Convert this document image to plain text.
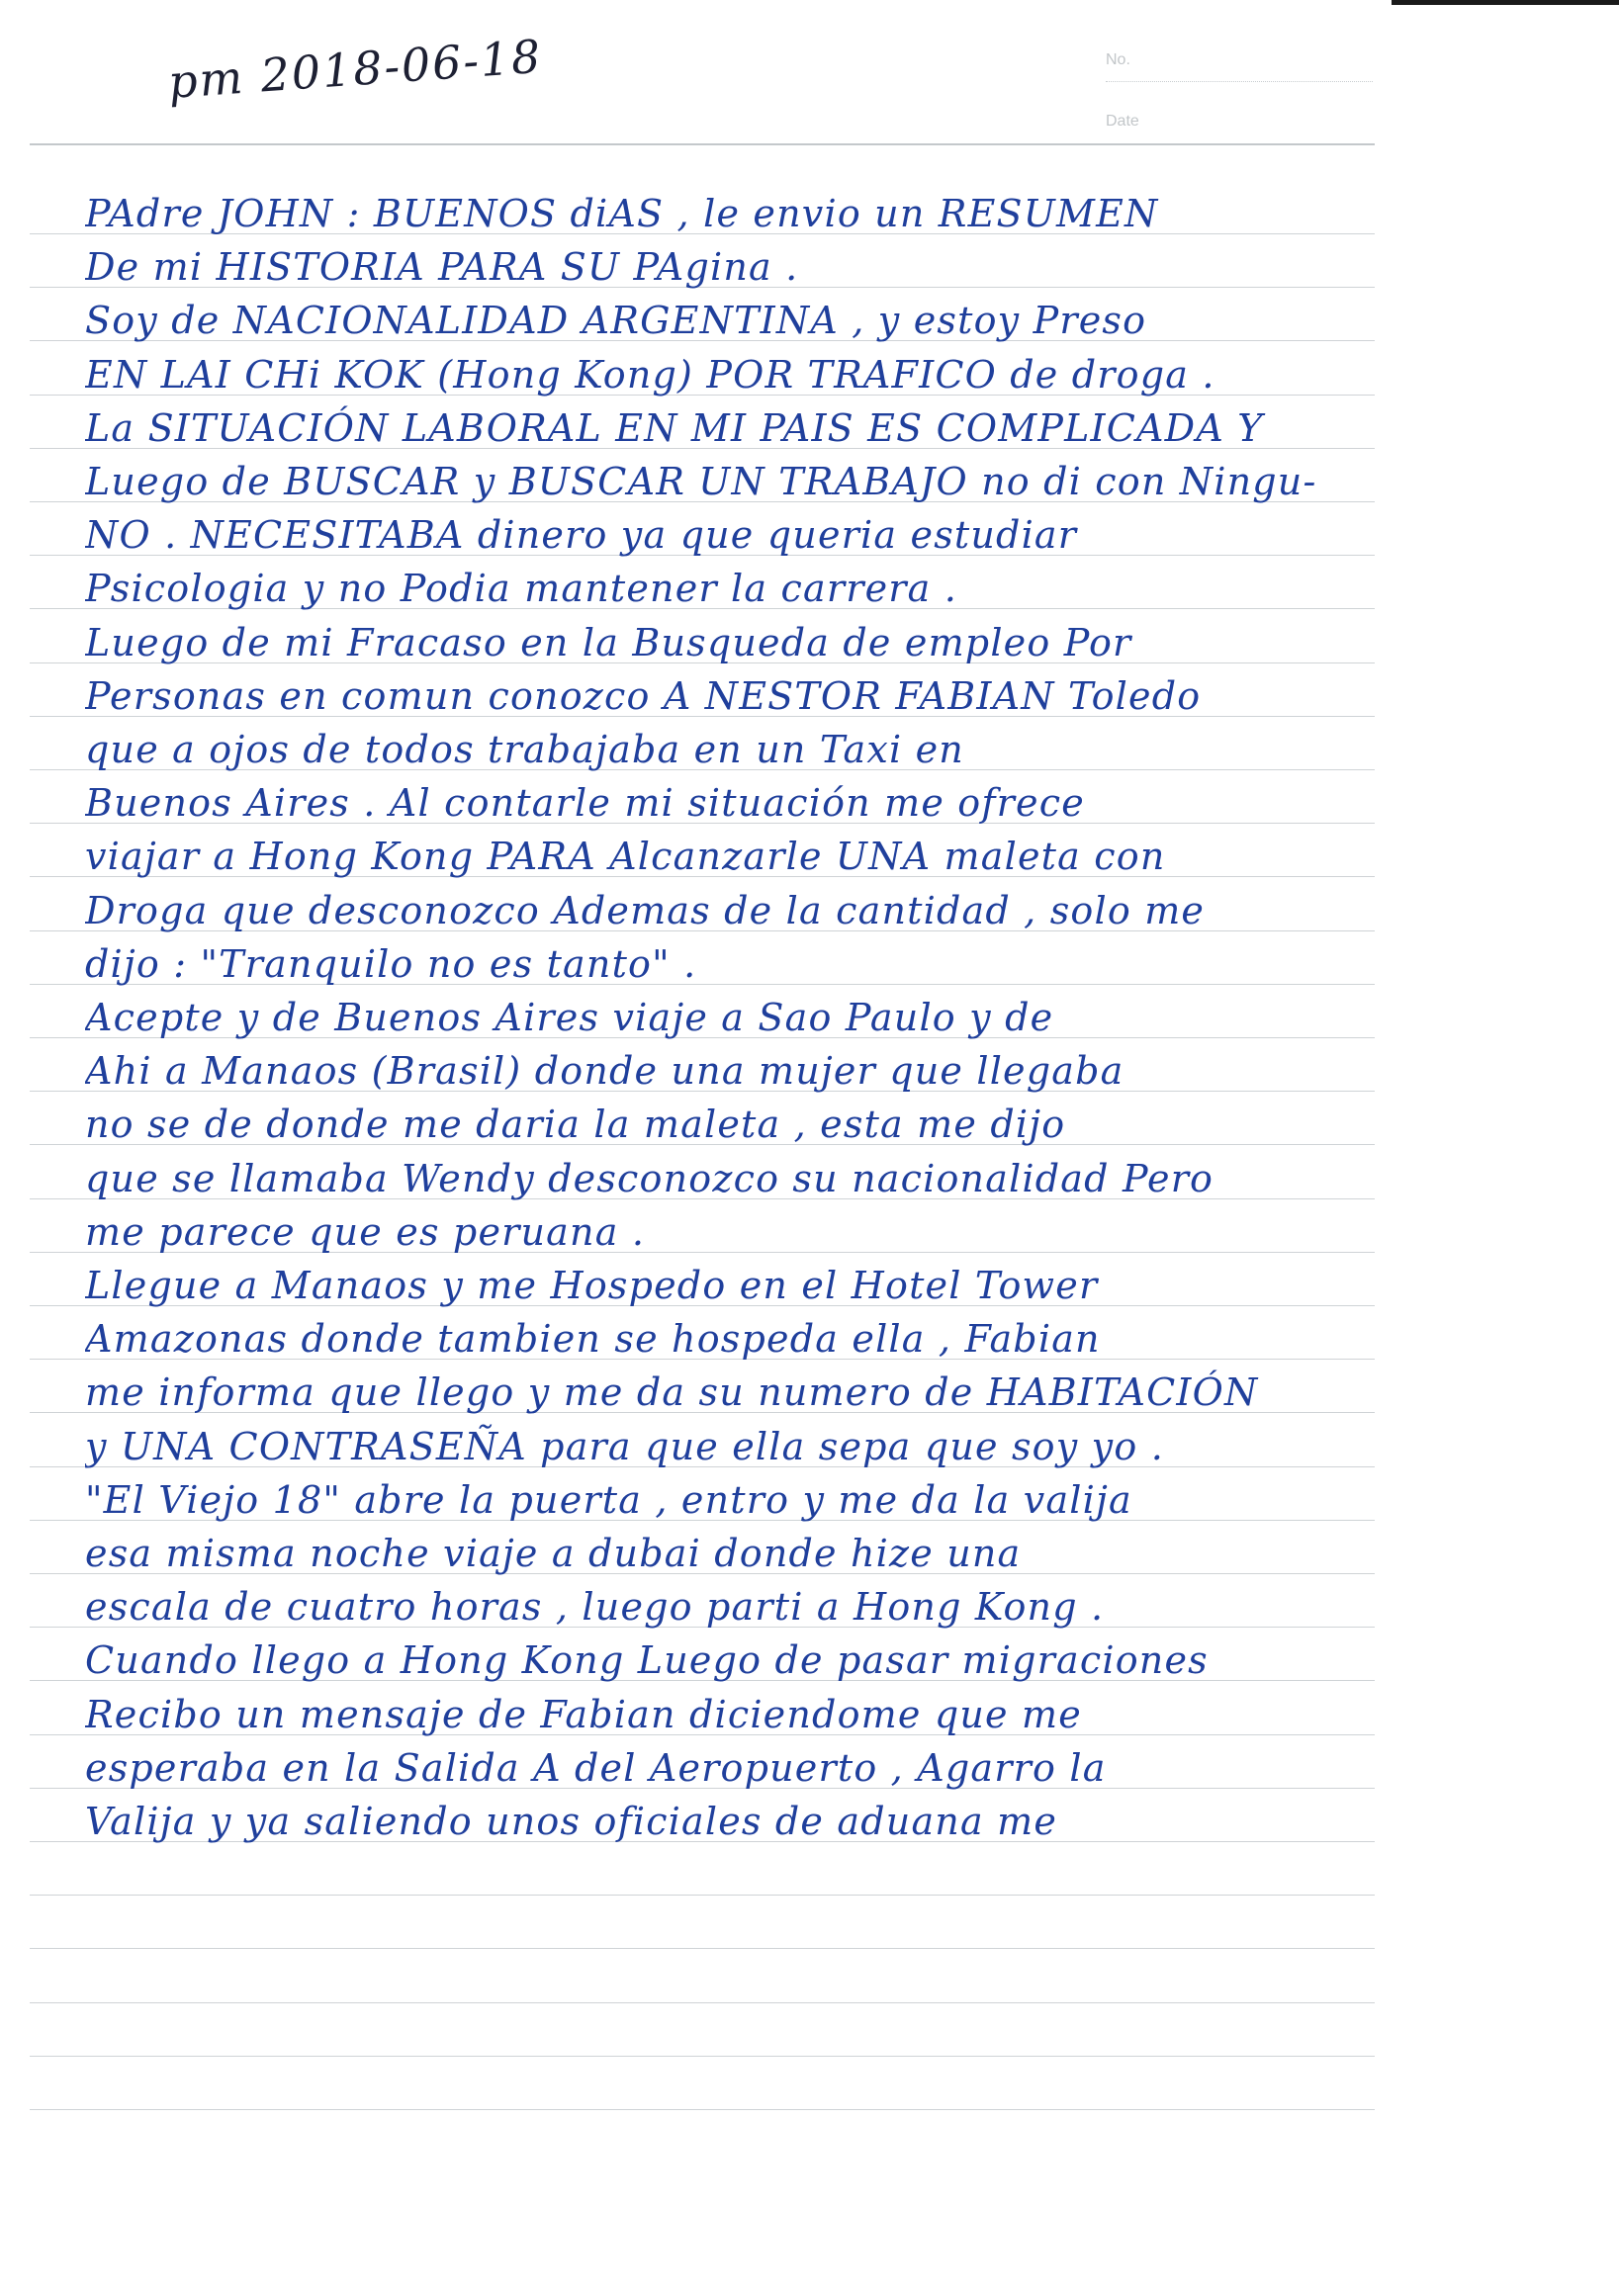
No.
Date
pm 2018-06-18
PAdre JOHN : BUENOS diAS , le envio un RESUMEN
De mi HISTORIA PARA SU PAgina .
Soy de NACIONALIDAD ARGENTINA , y estoy Preso
EN LAI CHi KOK (Hong Kong) POR TRAFICO de droga .
La SITUACIÓN LABORAL EN MI PAIS ES COMPLICADA Y
Luego de BUSCAR y BUSCAR UN TRABAJO no di con Ningu-
NO . NECESITABA dinero ya que queria estudiar
Psicologia y no Podia mantener la carrera .
Luego de mi Fracaso en la Busqueda de empleo Por
Personas en comun conozco A NESTOR FABIAN Toledo
que a ojos de todos trabajaba en un Taxi en
Buenos Aires . Al contarle mi situación me ofrece
viajar a Hong Kong PARA Alcanzarle UNA maleta con
Droga que desconozco Ademas de la cantidad , solo me
dijo : "Tranquilo no es tanto" .
Acepte y de Buenos Aires viaje a Sao Paulo y de
Ahi a Manaos (Brasil) donde una mujer que llegaba
no se de donde me daria la maleta , esta me dijo
que se llamaba Wendy desconozco su nacionalidad Pero
me parece que es peruana .
Llegue a Manaos y me Hospedo en el Hotel Tower
Amazonas donde tambien se hospeda ella , Fabian
me informa que llego y me da su numero de HABITACIÓN
y UNA CONTRASEÑA para que ella sepa que soy yo .
"El Viejo 18" abre la puerta , entro y me da la valija
esa misma noche viaje a dubai donde hize una
escala de cuatro horas , luego parti a Hong Kong .
Cuando llego a Hong Kong Luego de pasar migraciones
Recibo un mensaje de Fabian diciendome que me
esperaba en la Salida A del Aeropuerto , Agarro la
Valija y ya saliendo unos oficiales de aduana me
